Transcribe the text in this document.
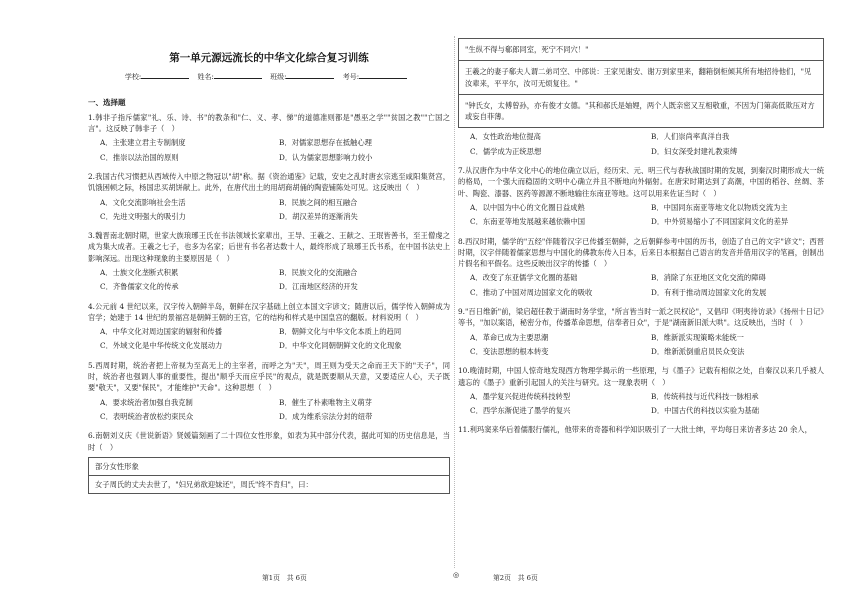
第一单元源远流长的中华文化综合复习训练
学校:	姓名:	班级:	考号:
一、选择题
1.韩非子指斥儒家"礼、乐、诗、书"的教条和"仁、义、孝、悌"的道德准则都是"愚巫之学""贫国之教""亡国之言"。这反映了韩非子（　）
A．主张建立君主专制制度	B．对儒家思想存在抵触心理
C．推崇以法治国的原则	D．认为儒家思想影响力较小
2.我国古代习惯把从西域传入中原之物冠以"胡"称。据《资治通鉴》记载，安史之乱时唐玄宗逃至咸阳集贤宫，饥饿困顿之际，杨国忠买胡饼献上。此外，在唐代出土的用胡商胡俑的陶瓷铺陈处可见。这反映出（　）
A．文化交流影响社会生活	B．民族之间的相互融合
C．先进文明强大的吸引力	D．胡汉差异的逐渐消失
3.魏晋南北朝时期，世家大族琅琊王氏在书法领域长家辈出，王导、王羲之、王献之、王珉皆善书，至王僧虔之成为集大成者。王羲之七子，也多为名家；后世有书名者达数十人，最终形成了琅琊王氏书系，在中国书法史上影响深远。出现这种现象的主要原因是（　）
A．士族文化垄断式积累	B．民族文化的交流融合
C．齐鲁儒家文化的传承	D．江南地区经济的开发
4.公元前 4 世纪以来，汉字传入朝鲜半岛，朝鲜在汉字基础上创立本国文字谚文；随唐以后，儒学传入朝鲜成为官学；始建于 14 世纪的景福宫是朝鲜王朝的王宫，它的结构和样式是中国皇宫的翻版。材料说明（　）
A．中华文化对周边国家的辐射和传播	B．朝鲜文化与中华文化本质上的趋同
C．外域文化是中华传统文化发展动力	D．中华文化同朝朝鲜文化的文化现象
5.西周时期，统治者把上帝视为至高无上的主宰者，而呼之为"天"，周王则为受天之命而王天下的"天子"，同时，统治者也强调人事的重要性，提出"顺乎天而应乎民"的观点，就是既要顺从天意，又要适应人心，天子既要"敬天"，又要"保民"，才能维护"天命"。这种思想（　）
A．要求统治者加强自我克制	B．催生了朴素唯物主义萌芽
C．表明统治者放松约束民众	D．成为维系宗法分封的纽带
6.南朝刘义庆《世说新语》贤媛篇刻画了二十四位女性形象，如表为其中部分代表，据此可知的历史信息是，当时（　）
部分女性形象
女子周氏的丈夫去世了，"妇兄弟欲迎妹还"，周氏"终不肯归"，曰：

"生纵不得与郗郎同室，死宁不同穴！"

王羲之的妻子郗夫人谓二弟司空、中郎说：王家见谢安、谢万到家里来，翻箱倒柜倾其所有地招待他们，"见汝辈来，平平尔，汝可无烦复往。"

"钟氏女，太傅曾孙，亦有俊才女德。"其和郝氏是妯娌，两个人既亲密又互相敬重，不因为门第高低欺压对方或妄自菲薄。

A．女性政治地位提高	B．人们崇尚率真洋自我
C．儒学成为正统思想	D．妇女深受封建礼教束缚
7.从汉唐作为中华文化中心的地位确立以后，经历宋、元、明三代与春秋战国时期的发展，到秦汉时期形成大一统的格局，一个强大而稳固的文明中心确立并且不断地向外辐射。在唐宋时期达到了高潮，中国的稻谷、丝绸、茶叶、陶瓷、漆器、医药等源源不断地输往东南亚等地。这可以用来佐证当时（　）
A．以中国为中心的文化圈日益成熟	B．中国同东南亚等地文化以物质交流为主
C．东南亚等地发展越来越依赖中国	D．中外贸易缩小了不同国家间文化的差异
8.西汉时期，儒学的"五经"伴随着汉字已传播至朝鲜，之后朝鲜参考中国的历书，创造了自己的文字"谚文"；西晋时期，汉字伴随着儒家思想与中国化的佛教东传入日本，后来日本根据自己语言的发音并借用汉字的笔画，创制出片假名和平假名。这些反映出汉字的传播（　）
A．改变了东亚儒学文化圈的基础	B．消除了东亚地区文化交流的障碍
C．推动了中国对周边国家文化的吸收	D．有利于推动周边国家文化的发展
9."百日维新"前，梁启超任教于湖南时务学堂，"所言皆当时一派之民权论"，又倡印《明夷待访录》《扬州十日记》等书，"加以案语，秘密分布，传播革命思想，信奉者日众"，于是"湖南新旧派大哄"。这反映出，当时（　）
A．革命已成为主要思潮	B．维新派实现策略未能统一
C．变法思想的根本转变	D．维新派倒重启员民众变法
10.晚清时期，中国人惊奇地发现西方物理学揭示的一些原理，与《墨子》记载有相似之处，自秦汉以来几乎被人遗忘的《墨子》重新引起国人的关注与研究。这一现象表明（　）
A．墨学复兴促进传统科技转型	B．传统科技与近代科技一脉相承
C．西学东渐促进了墨学的复兴	D．中国古代的科技以实验为基础
11.利玛窦来华后着儒服行儒礼，他带来的奇器和科学知识吸引了一大批士绅，平均每日来访者多达 20 余人，
第1页　共 6页	◎	第2页　共 6页
